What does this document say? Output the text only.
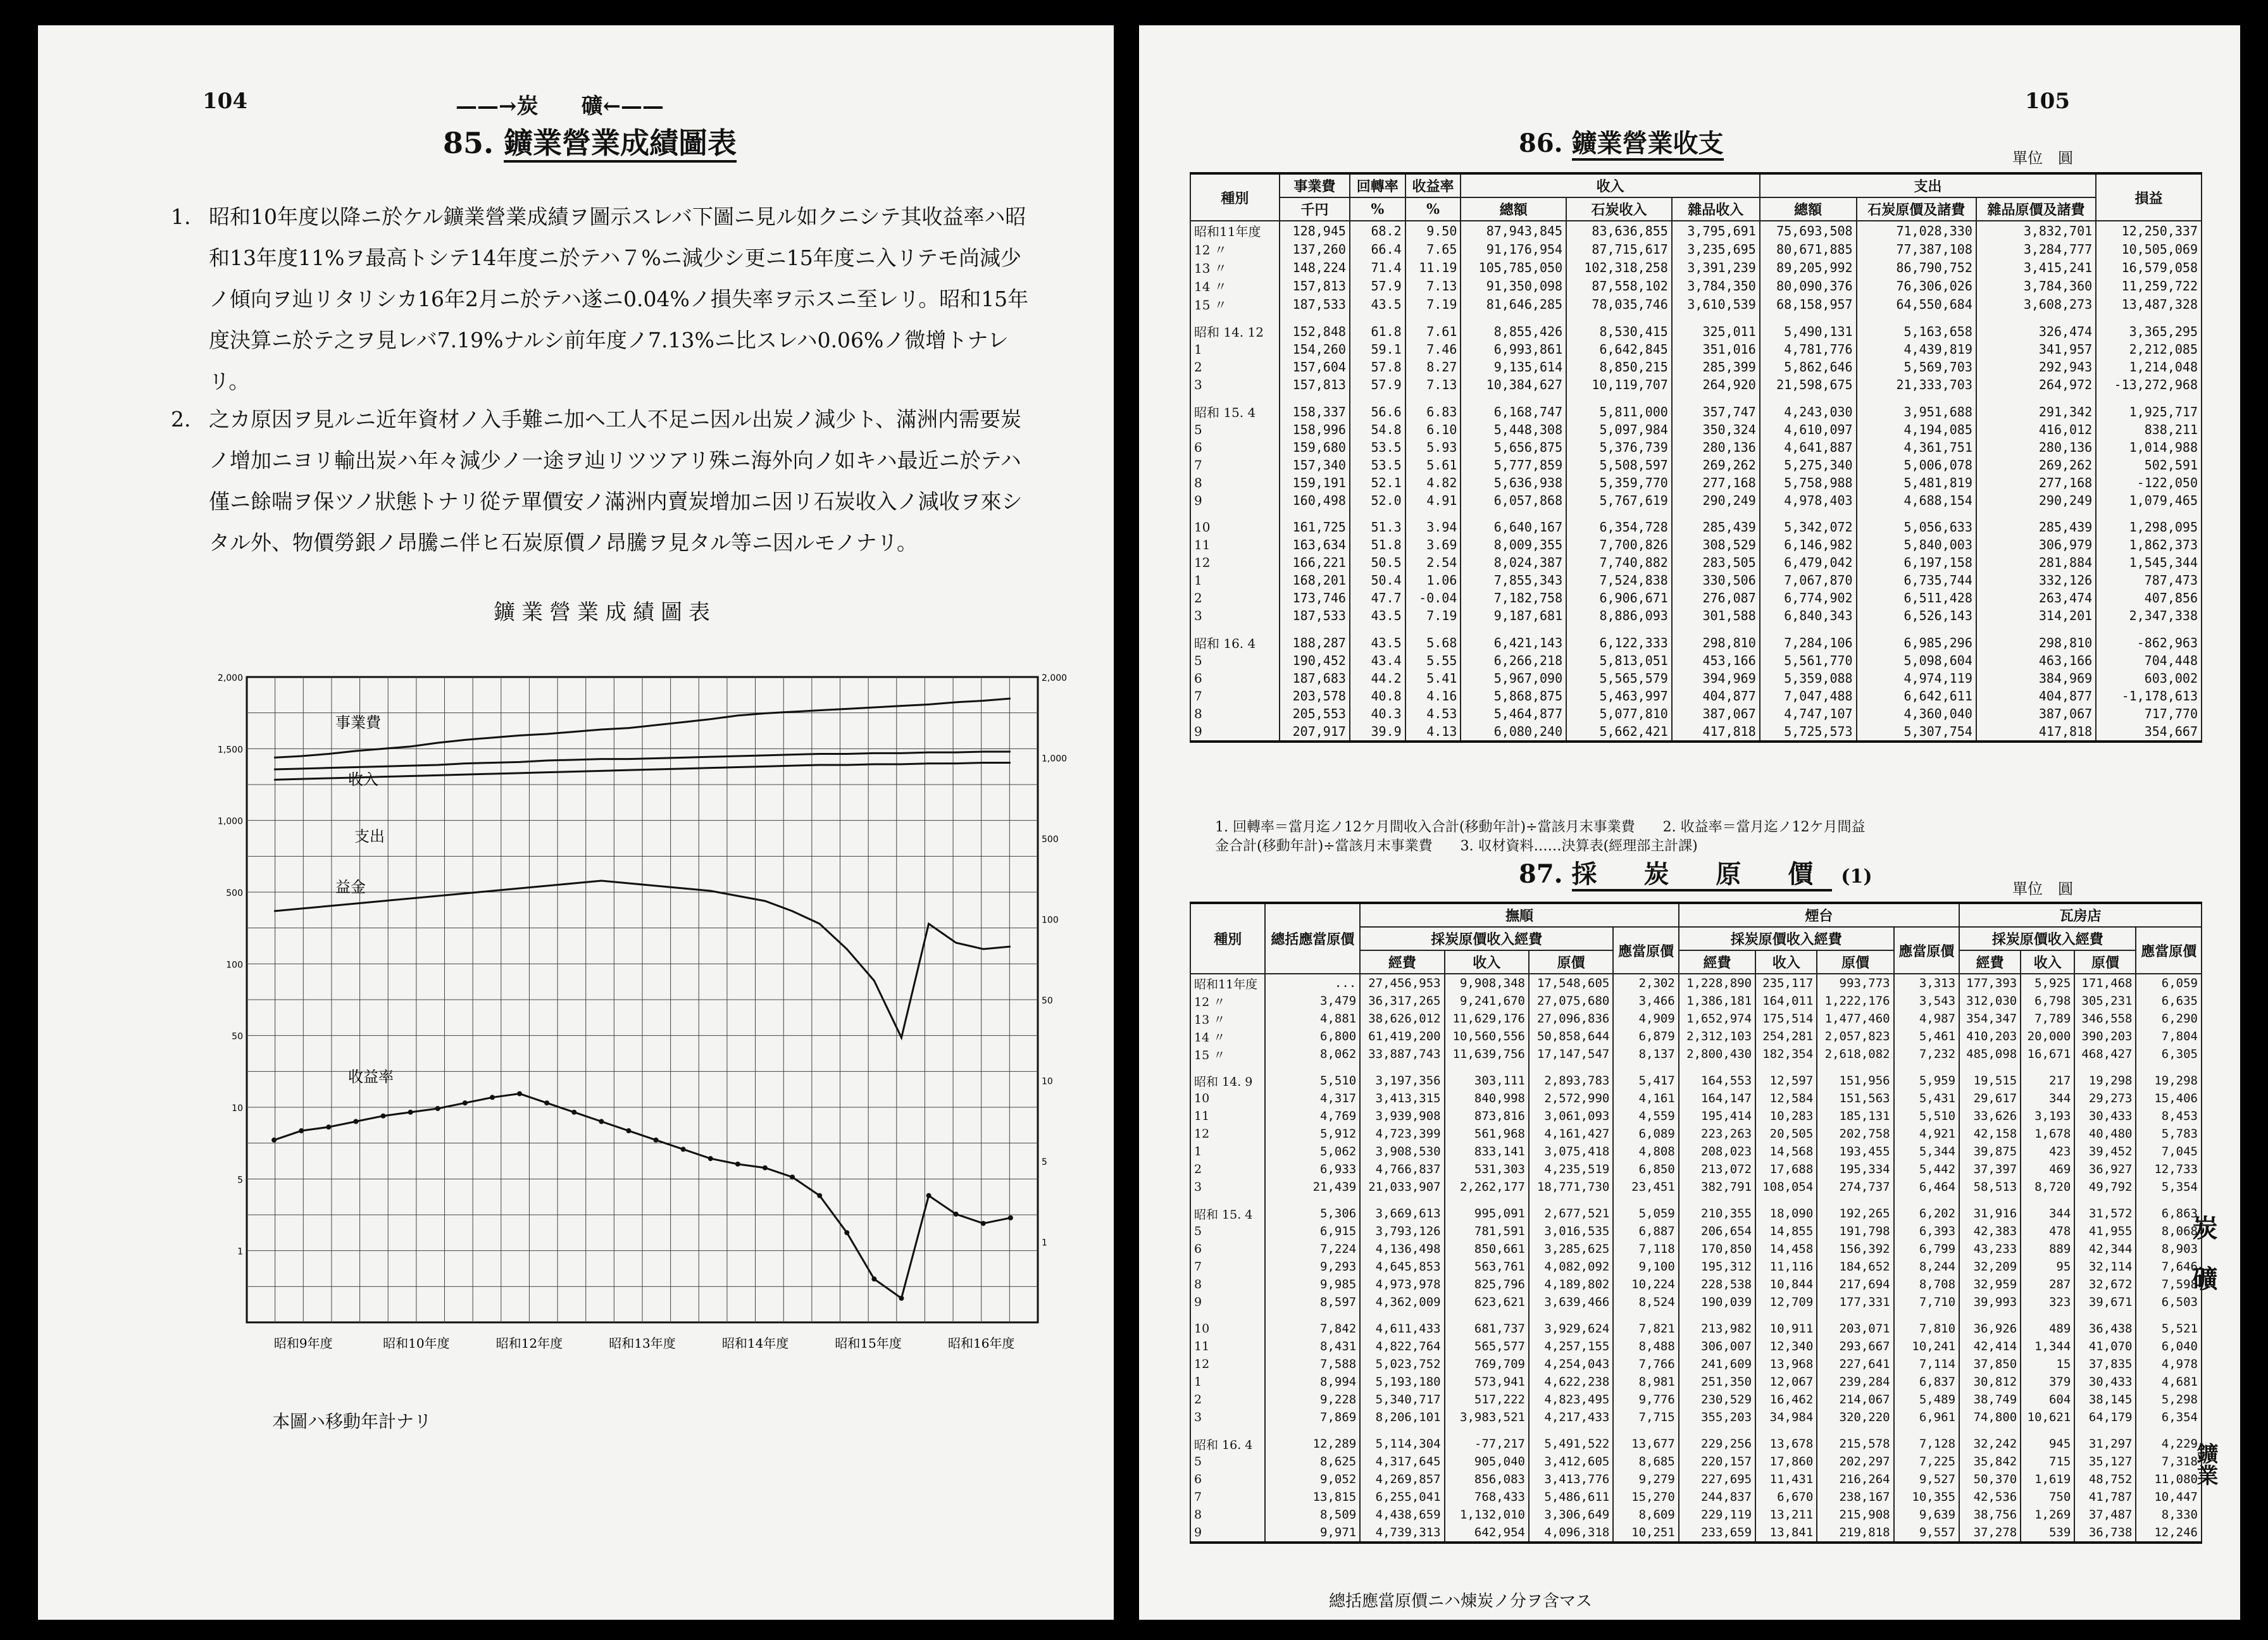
104	——→炭　　礦←——
85. 鑛業營業成績圖表
1. 昭和10年度以降ニ於ケル鑛業營業成績ヲ圖示スレバ下圖ニ見ル如クニシテ其收益率ハ昭和13年度11%ヲ最高トシテ14年度ニ於テハ７%ニ減少シ更ニ15年度ニ入リテモ尚減少ノ傾向ヲ辿リタリシカ16年2月ニ於テハ遂ニ0.04%ノ損失率ヲ示スニ至レリ。昭和15年度決算ニ於テ之ヲ見レバ7.19%ナルシ前年度ノ7.13%ニ比スレハ0.06%ノ微增トナレリ。
2. 之カ原因ヲ見ルニ近年資材ノ入手難ニ加ヘ工人不足ニ因ル出炭ノ減少ト、滿洲内需要炭ノ增加ニヨリ輸出炭ハ年々減少ノ一途ヲ辿リツツアリ殊ニ海外向ノ如キハ最近ニ於テハ僅ニ餘喘ヲ保ツノ狀態トナリ從テ單價安ノ滿洲内賣炭增加ニ因リ石炭收入ノ減收ヲ來シタル外、物價勞銀ノ昂騰ニ伴ヒ石炭原價ノ昂騰ヲ見タル等ニ因ルモノナリ。
鑛業營業成績圖表
2,000
1,500
1,000
500
100
50
10
5
1
2,000
1,000
500
100
50
10
5
1
昭和9年度	昭和10年度	昭和12年度	昭和13年度	昭和14年度	昭和15年度	昭和16年度
事業費
收入
支出
益金
收益率
本圖ハ移動年計ナリ
105
86. 鑛業營業收支	單位　圓
種別	事業費	回轉率	收益率	收入			支出			損益
	千円	%	%	總額	石炭收入	雜品收入	總額	石炭原價及諸費	雜品原價及諸費	
昭和11年度	128,945	68.2	9.50	87,943,845	83,636,855	3,795,691	75,693,508	71,028,330	3,832,701	12,250,337
12 〃	137,260	66.4	7.65	91,176,954	87,715,617	3,235,695	80,671,885	77,387,108	3,284,777	10,505,069
13 〃	148,224	71.4	11.19	105,785,050	102,318,258	3,391,239	89,205,992	86,790,752	3,415,241	16,579,058
14 〃	157,813	57.9	7.13	91,350,098	87,558,102	3,784,350	80,090,376	76,306,026	3,784,360	11,259,722
15 〃	187,533	43.5	7.19	81,646,285	78,035,746	3,610,539	68,158,957	64,550,684	3,608,273	13,487,328

昭和 14. 12	152,848	61.8	7.61	8,855,426	8,530,415	325,011	5,490,131	5,163,658	326,474	3,365,295
1	154,260	59.1	7.46	6,993,861	6,642,845	351,016	4,781,776	4,439,819	341,957	2,212,085
2	157,604	57.8	8.27	9,135,614	8,850,215	285,399	5,862,646	5,569,703	292,943	1,214,048
3	157,813	57.9	7.13	10,384,627	10,119,707	264,920	21,598,675	21,333,703	264,972	-13,272,968

昭和 15. 4	158,337	56.6	6.83	6,168,747	5,811,000	357,747	4,243,030	3,951,688	291,342	1,925,717
5	158,996	54.8	6.10	5,448,308	5,097,984	350,324	4,610,097	4,194,085	416,012	838,211
6	159,680	53.5	5.93	5,656,875	5,376,739	280,136	4,641,887	4,361,751	280,136	1,014,988
7	157,340	53.5	5.61	5,777,859	5,508,597	269,262	5,275,340	5,006,078	269,262	502,591
8	159,191	52.1	4.82	5,636,938	5,359,770	277,168	5,758,988	5,481,819	277,168	-122,050
9	160,498	52.0	4.91	6,057,868	5,767,619	290,249	4,978,403	4,688,154	290,249	1,079,465

10	161,725	51.3	3.94	6,640,167	6,354,728	285,439	5,342,072	5,056,633	285,439	1,298,095
11	163,634	51.8	3.69	8,009,355	7,700,826	308,529	6,146,982	5,840,003	306,979	1,862,373
12	166,221	50.5	2.54	8,024,387	7,740,882	283,505	6,479,042	6,197,158	281,884	1,545,344
1	168,201	50.4	1.06	7,855,343	7,524,838	330,506	7,067,870	6,735,744	332,126	787,473
2	173,746	47.7	-0.04	7,182,758	6,906,671	276,087	6,774,902	6,511,428	263,474	407,856
3	187,533	43.5	7.19	9,187,681	8,886,093	301,588	6,840,343	6,526,143	314,201	2,347,338

昭和 16. 4	188,287	43.5	5.68	6,421,143	6,122,333	298,810	7,284,106	6,985,296	298,810	-862,963
5	190,452	43.4	5.55	6,266,218	5,813,051	453,166	5,561,770	5,098,604	463,166	704,448
6	187,683	44.2	5.41	5,967,090	5,565,579	394,969	5,359,088	4,974,119	384,969	603,002
7	203,578	40.8	4.16	5,868,875	5,463,997	404,877	7,047,488	6,642,611	404,877	-1,178,613
8	205,553	40.3	4.53	5,464,877	5,077,810	387,067	4,747,107	4,360,040	387,067	717,770
9	207,917	39.9	4.13	6,080,240	5,662,421	417,818	5,725,573	5,307,754	417,818	354,667
1. 回轉率＝當月迄ノ12ケ月間收入合計(移動年計)÷當該月末事業費　　2. 收益率＝當月迄ノ12ケ月間益
金合計(移動年計)÷當該月末事業費　　3. 収材資料……決算表(經理部主計課)
87. 採 炭 原 價 (1)
單位　圓
種別	總括應當原價	撫順				煙台				瓦房店			
		採炭原價收入經費			應當原價	採炭原價收入經費			應當原價	採炭原價收入經費			應當原價
		經費	收入	原價		經費	收入	原價		經費	收入	原價	
昭和11年度	...	27,456,953	9,908,348	17,548,605	2,302	1,228,890	235,117	993,773	3,313	177,393	5,925	171,468	6,059
12 〃	3,479	36,317,265	9,241,670	27,075,680	3,466	1,386,181	164,011	1,222,176	3,543	312,030	6,798	305,231	6,635
13 〃	4,881	38,626,012	11,629,176	27,096,836	4,909	1,652,974	175,514	1,477,460	4,987	354,347	7,789	346,558	6,290
14 〃	6,800	61,419,200	10,560,556	50,858,644	6,879	2,312,103	254,281	2,057,823	5,461	410,203	20,000	390,203	7,804
15 〃	8,062	33,887,743	11,639,756	17,147,547	8,137	2,800,430	182,354	2,618,082	7,232	485,098	16,671	468,427	6,305

昭和 14. 9	5,510	3,197,356	303,111	2,893,783	5,417	164,553	12,597	151,956	5,959	19,515	217	19,298	19,298
10	4,317	3,413,315	840,998	2,572,990	4,161	164,147	12,584	151,563	5,431	29,617	344	29,273	15,406
11	4,769	3,939,908	873,816	3,061,093	4,559	195,414	10,283	185,131	5,510	33,626	3,193	30,433	8,453
12	5,912	4,723,399	561,968	4,161,427	6,089	223,263	20,505	202,758	4,921	42,158	1,678	40,480	5,783
1	5,062	3,908,530	833,141	3,075,418	4,808	208,023	14,568	193,455	5,344	39,875	423	39,452	7,045
2	6,933	4,766,837	531,303	4,235,519	6,850	213,072	17,688	195,334	5,442	37,397	469	36,927	12,733
3	21,439	21,033,907	2,262,177	18,771,730	23,451	382,791	108,054	274,737	6,464	58,513	8,720	49,792	5,354

昭和 15. 4	5,306	3,669,613	995,091	2,677,521	5,059	210,355	18,090	192,265	6,202	31,916	344	31,572	6,863
5	6,915	3,793,126	781,591	3,016,535	6,887	206,654	14,855	191,798	6,393	42,383	478	41,955	8,068
6	7,224	4,136,498	850,661	3,285,625	7,118	170,850	14,458	156,392	6,799	43,233	889	42,344	8,903
7	9,293	4,645,853	563,761	4,082,092	9,100	195,312	11,116	184,652	8,244	32,209	95	32,114	7,646
8	9,985	4,973,978	825,796	4,189,802	10,224	228,538	10,844	217,694	8,708	32,959	287	32,672	7,598
9	8,597	4,362,009	623,621	3,639,466	8,524	190,039	12,709	177,331	7,710	39,993	323	39,671	6,503

10	7,842	4,611,433	681,737	3,929,624	7,821	213,982	10,911	203,071	7,810	36,926	489	36,438	5,521
11	8,431	4,822,764	565,577	4,257,155	8,488	306,007	12,340	293,667	10,241	42,414	1,344	41,070	6,040
12	7,588	5,023,752	769,709	4,254,043	7,766	241,609	13,968	227,641	7,114	37,850	15	37,835	4,978
1	8,994	5,193,180	573,941	4,622,238	8,981	251,350	12,067	239,284	6,837	30,812	379	30,433	4,681
2	9,228	5,340,717	517,222	4,823,495	9,776	230,529	16,462	214,067	5,489	38,749	604	38,145	5,298
3	7,869	8,206,101	3,983,521	4,217,433	7,715	355,203	34,984	320,220	6,961	74,800	10,621	64,179	6,354

昭和 16. 4	12,289	5,114,304	-77,217	5,491,522	13,677	229,256	13,678	215,578	7,128	32,242	945	31,297	4,229
5	8,625	4,317,645	905,040	3,412,605	8,685	220,157	17,860	202,297	7,225	35,842	715	35,127	7,318
6	9,052	4,269,857	856,083	3,413,776	9,279	227,695	11,431	216,264	9,527	50,370	1,619	48,752	11,080
7	13,815	6,255,041	768,433	5,486,611	15,270	244,837	6,670	238,167	10,355	42,536	750	41,787	10,447
8	8,509	4,438,659	1,132,010	3,306,649	8,609	229,119	13,211	215,908	9,639	38,756	1,269	37,487	8,330
9	9,971	4,739,313	642,954	4,096,318	10,251	233,659	13,841	219,818	9,557	37,278	539	36,738	12,246
總括應當原價ニハ煉炭ノ分ヲ含マス
炭　礦
鑛業
